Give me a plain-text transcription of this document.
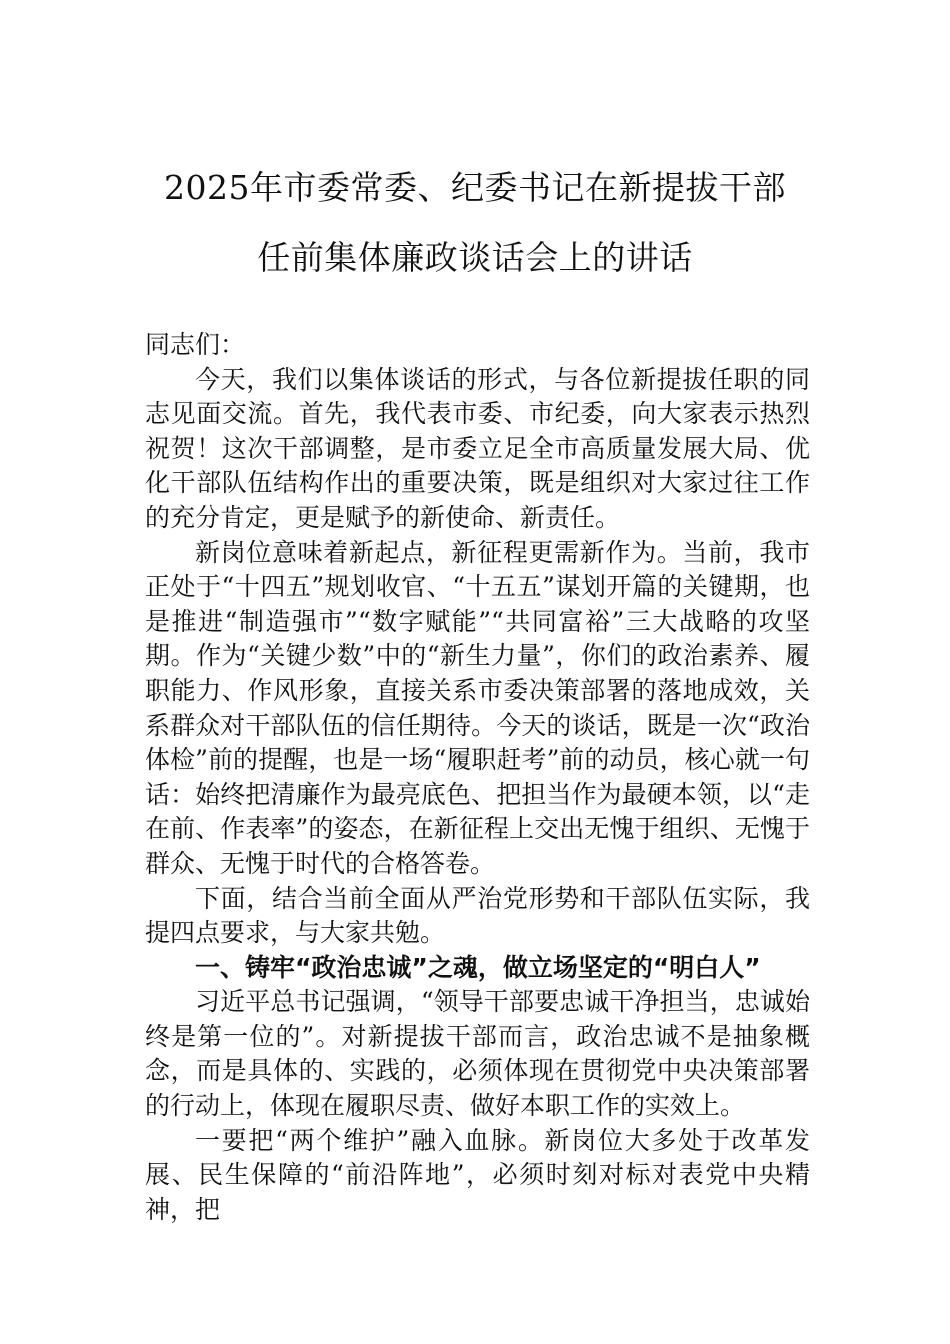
2025年市委常委、纪委书记在新提拔干部
任前集体廉政谈话会上的讲话

同志们：

今天，我们以集体谈话的形式，与各位新提拔任职的同志见面交流。首先，我代表市委、市纪委，向大家表示热烈祝贺！这次干部调整，是市委立足全市高质量发展大局、优化干部队伍结构作出的重要决策，既是组织对大家过往工作的充分肯定，更是赋予的新使命、新责任。

新岗位意味着新起点，新征程更需新作为。当前，我市正处于“十四五”规划收官、“十五五”谋划开篇的关键期，也是推进“制造强市”“数字赋能”“共同富裕”三大战略的攻坚期。作为“关键少数”中的“新生力量”，你们的政治素养、履职能力、作风形象，直接关系市委决策部署的落地成效，关系群众对干部队伍的信任期待。今天的谈话，既是一次“政治体检”前的提醒，也是一场“履职赶考”前的动员，核心就一句话：始终把清廉作为最亮底色、把担当作为最硬本领，以“走在前、作表率”的姿态，在新征程上交出无愧于组织、无愧于群众、无愧于时代的合格答卷。

下面，结合当前全面从严治党形势和干部队伍实际，我提四点要求，与大家共勉。

一、铸牢“政治忠诚”之魂，做立场坚定的“明白人”

习近平总书记强调，“领导干部要忠诚干净担当，忠诚始终是第一位的”。对新提拔干部而言，政治忠诚不是抽象概念，而是具体的、实践的，必须体现在贯彻党中央决策部署的行动上，体现在履职尽责、做好本职工作的实效上。

一要把“两个维护”融入血脉。新岗位大多处于改革发展、民生保障的“前沿阵地”，必须时刻对标对表党中央精神，把
